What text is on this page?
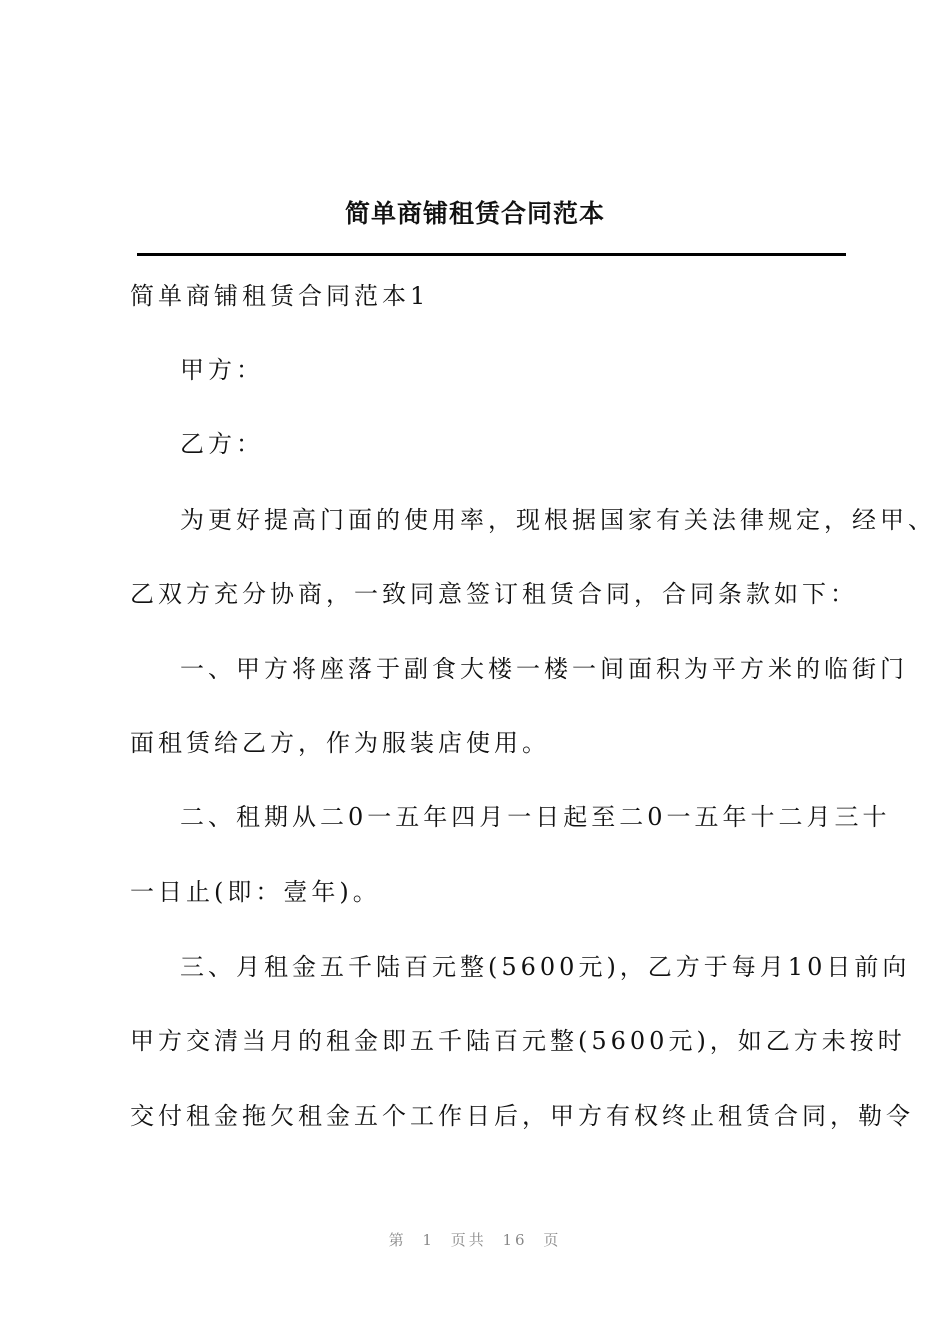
简单商铺租赁合同范本

简单商铺租赁合同范本1

甲方：

乙方：

为更好提高门面的使用率，现根据国家有关法律规定，经甲、

乙双方充分协商，一致同意签订租赁合同，合同条款如下：

一、甲方将座落于副食大楼一楼一间面积为平方米的临街门

面租赁给乙方，作为服装店使用。

二、租期从二0一五年四月一日起至二0一五年十二月三十

一日止(即：壹年)。

三、月租金五千陆百元整(5600元)，乙方于每月10日前向

甲方交清当月的租金即五千陆百元整(5600元)，如乙方未按时

交付租金拖欠租金五个工作日后，甲方有权终止租赁合同，勒令

第 1 页共 16 页
